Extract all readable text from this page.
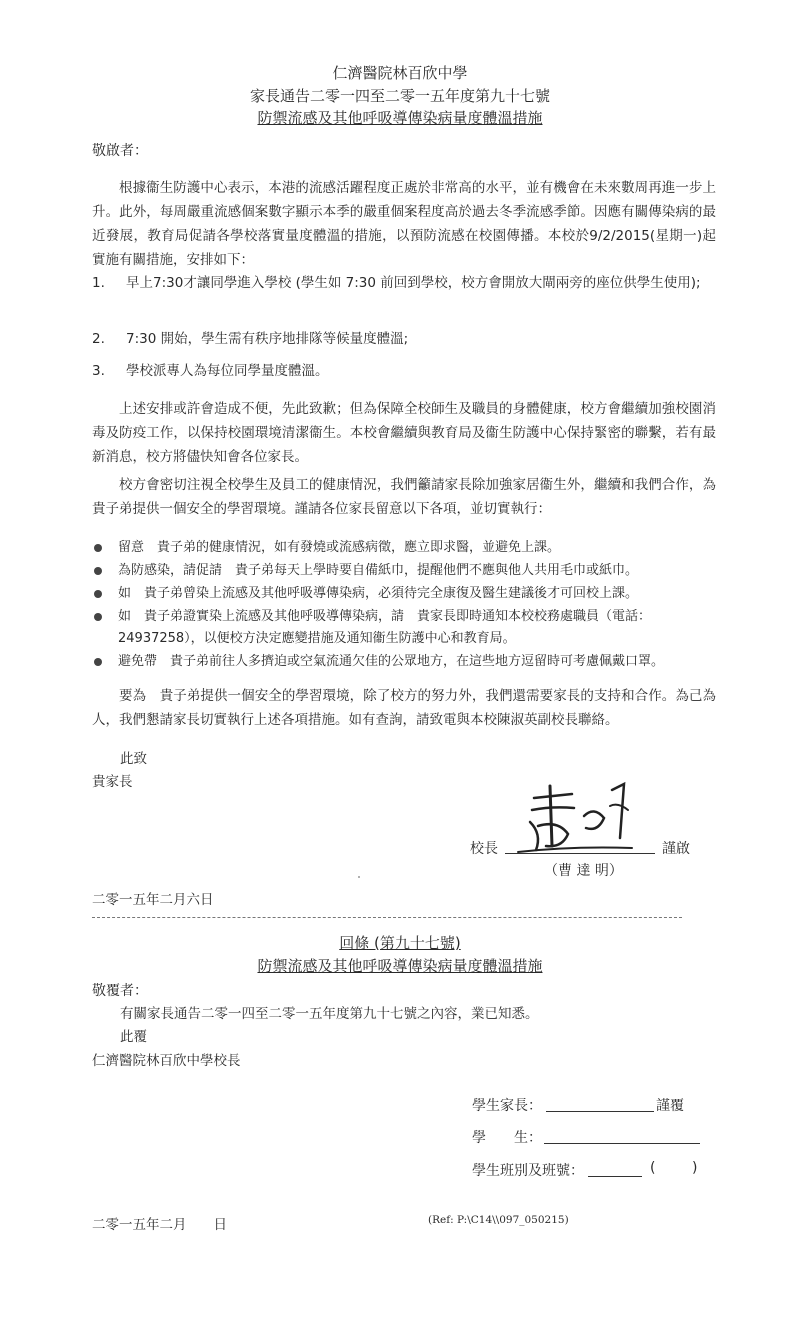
仁濟醫院林百欣中學
家長通告二零一四至二零一五年度第九十七號
防禦流感及其他呼吸導傳染病量度體溫措施
敬啟者：
根據衞生防護中心表示，本港的流感活躍程度正處於非常高的水平，並有機會在未來數周再進一步上升。此外，每周嚴重流感個案數字顯示本季的嚴重個案程度高於過去冬季流感季節。因應有關傳染病的最近發展，教育局促請各學校落實量度體溫的措施，以預防流感在校園傳播。本校於9/2/2015(星期一)起實施有關措施，安排如下：
1.	早上7:30才讓同學進入學校 (學生如 7:30 前回到學校，校方會開放大閘兩旁的座位供學生使用);
2.	7:30 開始，學生需有秩序地排隊等候量度體溫;
3.	學校派專人為每位同學量度體溫。
上述安排或許會造成不便，先此致歉；但為保障全校師生及職員的身體健康，校方會繼續加強校園消毒及防疫工作，以保持校園環境清潔衞生。本校會繼續與教育局及衞生防護中心保持緊密的聯繫，若有最新消息，校方將儘快知會各位家長。
校方會密切注視全校學生及員工的健康情況，我們籲請家長除加強家居衞生外，繼續和我們合作，為　貴子弟提供一個安全的學習環境。謹請各位家長留意以下各項，並切實執行：
留意　貴子弟的健康情況，如有發燒或流感病徵，應立即求醫，並避免上課。
為防感染，請促請　貴子弟每天上學時要自備紙巾，提醒他們不應與他人共用毛巾或紙巾。
如　貴子弟曾染上流感及其他呼吸導傳染病，必須待完全康復及醫生建議後才可回校上課。
如　貴子弟證實染上流感及其他呼吸導傳染病，請　貴家長即時通知本校校務處職員（電話：24937258），以便校方決定應變措施及通知衞生防護中心和教育局。
避免帶　貴子弟前往人多擠迫或空氣流通欠佳的公眾地方，在這些地方逗留時可考慮佩戴口罩。
要為　貴子弟提供一個安全的學習環境，除了校方的努力外，我們還需要家長的支持和合作。為己為人，我們懇請家長切實執行上述各項措施。如有查詢，請致電與本校陳淑英副校長聯絡。
此致
貴家長
校長	謹啟
（曹 達 明）
二零一五年二月六日
回條 (第九十七號)
防禦流感及其他呼吸導傳染病量度體溫措施
敬覆者：
有關家長通告二零一四至二零一五年度第九十七號之內容，業已知悉。
此覆
仁濟醫院林百欣中學校長
學生家長：	謹覆
學　　生：
學生班別及班號：	(	)
二零一五年二月　　日	(Ref: P:\C14\\097_050215)
